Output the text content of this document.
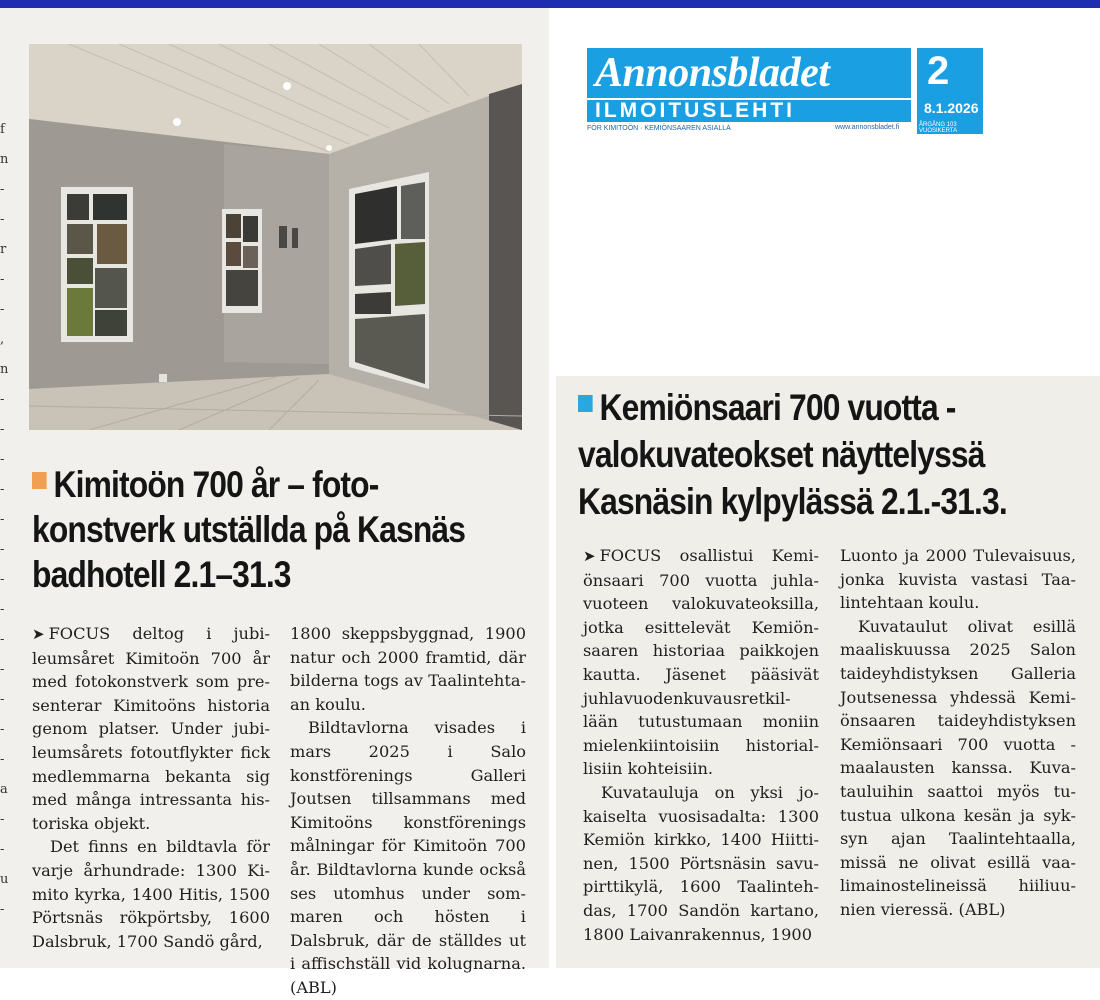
f
n
-
-
r
-
-
,
n
-
-
-
-
-
-
-
-
-
-
-
-
-
a
-
-
u
-
Kimitoön 700 år – fotokonstverk utställda på Kasnäs badhotell 2.1–31.3

➤ FOCUS deltog i jubileumsåret Kimitoön 700 år med fotokonstverk som presenterar Kimitoöns historia genom platser. Under jubileumsårets fotoutflykter fick medlemmarna bekanta sig med många intressanta historiska objekt.

Det finns en bildtavla för varje århundrade: 1300 Kimito kyrka, 1400 Hitis, 1500 Pörtsnäs rökpörtsby, 1600 Dalsbruk, 1700 Sandö gård,

1800 skeppsbyggnad, 1900 natur och 2000 framtid, där bilderna togs av Taalintehtaan koulu.

Bildtavlorna visades i mars 2025 i Salo konstförenings Galleri Joutsen tillsammans med Kimitoöns konstförenings målningar för Kimitoön 700 år. Bildtavlorna kunde också ses utomhus under sommaren och hösten i Dalsbruk, där de ställdes ut i affischställ vid kolugnarna. (ABL)

Annonsbladet
ILMOITUSLEHTI
FÖR KIMITOÖN · KEMIÖNSAAREN ASIALLA	www.annonsbladet.fi
2
8.1.2026
ÅRGÅNG 103 VUOSIKERTA
Kemiönsaari 700 vuotta -valokuvateokset näyttelyssä Kasnäsin kylpylässä 2.1.-31.3.

➤ FOCUS osallistui Kemiönsaari 700 vuotta juhlavuoteen valokuvateoksilla, jotka esittelevät Kemiönsaaren historiaa paikkojen kautta. Jäsenet pääsivät juhlavuodenkuvausretkillään tutustumaan moniin mielenkiintoisiin historiallisiin kohteisiin.

Kuvatauluja on yksi jokaiselta vuosisadalta: 1300 Kemiön kirkko, 1400 Hiittinen, 1500 Pörtsnäsin savupirttikylä, 1600 Taalintehdas, 1700 Sandön kartano, 1800 Laivanrakennus, 1900

Luonto ja 2000 Tulevaisuus, jonka kuvista vastasi Taalintehtaan koulu.

Kuvataulut olivat esillä maaliskuussa 2025 Salon taideyhdistyksen Galleria Joutsenessa yhdessä Kemiönsaaren taideyhdistyksen Kemiönsaari 700 vuotta -maalausten kanssa. Kuvatauluihin saattoi myös tutustua ulkona kesän ja syksyn ajan Taalintehtaalla, missä ne olivat esillä vaalimainostelineissä hiiliuunien vieressä. (ABL)
